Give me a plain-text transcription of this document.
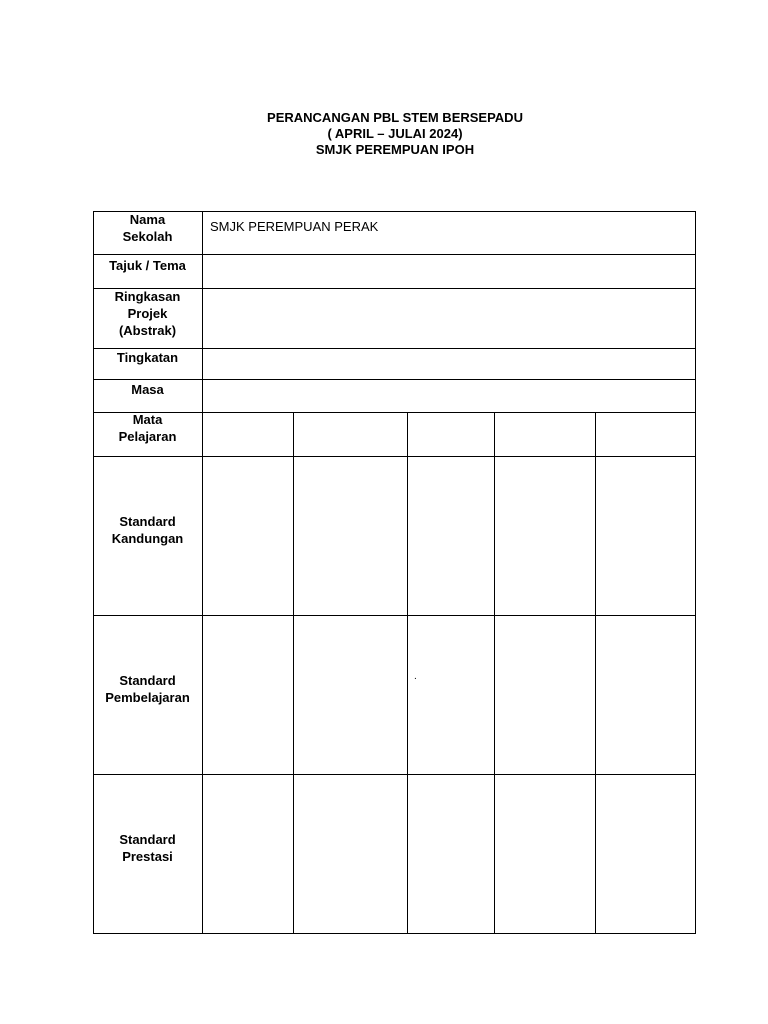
PERANCANGAN PBL STEM BERSEPADU
( APRIL – JULAI 2024)
SMJK PEREMPUAN IPOH
Nama
Sekolah
Tajuk / Tema
Ringkasan
Projek
(Abstrak)
Tingkatan
Masa
Mata
Pelajaran
Standard
Kandungan
Standard
Pembelajaran
Standard
Prestasi
SMJK PEREMPUAN PERAK
.
